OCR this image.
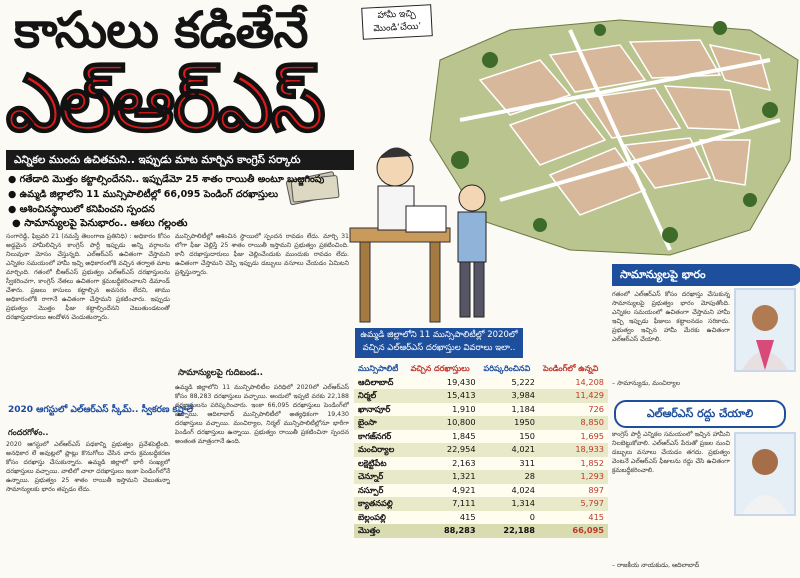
కాసులు కడితేనే
ఎల్ఆర్ఎస్
హామీ ఇచ్చి మొండి‘చేయి’
ఎన్నికల ముందు ఉచితమని.. ఇప్పుడు మాట మార్చిన కాంగ్రెస్ సర్కారు
● గతేడాది మొత్తం కట్టాల్సిందేనని.. ఇప్పుడేమో 25 శాతం రాయితీ అంటూ బుజ్జగింపు
● ఉమ్మడి జిల్లాలోని 11 మున్సిపాలిటీల్లో 66,095 పెండింగ్ దరఖాస్తులు
● ఆశించినస్థాయిలో కనిపించని స్పందన
● సామాన్యులపై పెనుభారం.. ఆశలు గల్లంతు
సంగారెడ్డి, ఫిబ్రవరి 21 (నమస్తే తెలంగాణ ప్రతినిధి) : అధికారం కోసం అడ్డమైన హామీలిచ్చిన కాంగ్రెస్ పార్టీ ఇప్పుడు అన్ని వర్గాలను నిలువునా మోసం చేస్తున్నది. ఎల్ఆర్ఎస్ ఉచితంగా చేస్తామని ఎన్నికల సమయంలో హామీ ఇచ్చి అధికారంలోకి వచ్చిన తర్వాత మాట మార్చింది. గతంలో బీఆర్ఎస్ ప్రభుత్వం ఎల్ఆర్ఎస్ దరఖాస్తులను స్వీకరించగా, కాంగ్రెస్ నేతలు ఉచితంగా క్రమబద్ధీకరించాలని డిమాండ్ చేశారు. ప్రజలు కాసులు కట్టాల్సిన అవసరం లేదని, తాము అధికారంలోకి రాగానే ఉచితంగా చేస్తామని ప్రకటించారు. ఇప్పుడు ప్రభుత్వం మొత్తం ఫీజు కట్టాల్సిందేనని చెబుతుండటంతో దరఖాస్తుదారులు ఆందోళన చెందుతున్నారు.
2020 ఆగస్టులో ఎల్ఆర్ఎస్ స్కీమ్.. స్వీకరణ కష్టాలే
గందరగోళం..
2020 ఆగస్టులో ఎల్ఆర్ఎస్ పథకాన్ని ప్రభుత్వం ప్రవేశపెట్టింది. అనధికార లే అవుట్లలో ప్లాట్లు కొనుగోలు చేసిన వారు క్రమబద్ధీకరణ కోసం దరఖాస్తు చేసుకున్నారు. ఉమ్మడి జిల్లాలో భారీ సంఖ్యలో దరఖాస్తులు వచ్చాయి. వాటిలో చాలా దరఖాస్తులు ఇంకా పెండింగ్‌లోనే ఉన్నాయి. ప్రభుత్వం 25 శాతం రాయితీ ఇస్తామని చెబుతున్నా సామాన్యులకు భారం తప్పడం లేదు.
మున్సిపాలిటీల్లో ఆశించిన స్థాయిలో స్పందన రావడం లేదు. మార్చి 31 లోగా ఫీజు చెల్లిస్తే 25 శాతం రాయితీ ఇస్తామని ప్రభుత్వం ప్రకటించింది. కానీ దరఖాస్తుదారులు ఫీజు చెల్లించేందుకు ముందుకు రావడం లేదు. ఉచితంగా చేస్తామని చెప్పి ఇప్పుడు డబ్బులు వసూలు చేయడం ఏమిటని ప్రశ్నిస్తున్నారు.
సామాన్యులపై గుదిబండ..
ఉమ్మడి జిల్లాలోని 11 మున్సిపాలిటీల పరిధిలో 2020లో ఎల్ఆర్ఎస్ కోసం 88,283 దరఖాస్తులు వచ్చాయి. అందులో ఇప్పటి వరకు 22,188 దరఖాస్తులను పరిష్కరించారు. ఇంకా 66,095 దరఖాస్తులు పెండింగ్‌లో ఉన్నాయి. ఆదిలాబాద్ మున్సిపాలిటీలో అత్యధికంగా 19,430 దరఖాస్తులు వచ్చాయి. మంచిర్యాల, నిర్మల్ మున్సిపాలిటీల్లోనూ భారీగా పెండింగ్ దరఖాస్తులు ఉన్నాయి. ప్రభుత్వం రాయితీ ప్రకటించినా స్పందన అంతంత మాత్రంగానే ఉంది.
ఉమ్మడి జిల్లాలోని 11 మున్సిపాలిటీల్లో 2020లో వచ్చిన ఎల్ఆర్ఎస్ దరఖాస్తుల వివరాలు ఇలా..
మున్సిపాలిటీ	వచ్చిన దరఖాస్తులు	పరిష్కరించినవి	పెండింగ్‌లో ఉన్నవి
ఆదిలాబాద్	19,430	5,222	14,208
నిర్మల్	15,413	3,984	11,429
ఖానాపూర్	1,910	1,184	726
బైంసా	10,800	1950	8,850
కాగజ్‌నగర్	1,845	150	1,695
మంచిర్యాల	22,954	4,021	18,933
లక్షెట్టిపేట	2,163	311	1,852
చెన్నూర్	1,321	28	1,293
నస్పూర్	4,921	4,024	897
క్యాతనపల్లి	7,111	1,314	5,797
బెల్లంపల్లి	415	0	415
మొత్తం	88,283	22,188	66,095
సామాన్యులపై భారం
గతంలో ఎల్ఆర్ఎస్ కోసం దరఖాస్తు చేసుకున్న సామాన్యులపై ప్రభుత్వం భారం మోపుతోంది. ఎన్నికల సమయంలో ఉచితంగా చేస్తామని హామీ ఇచ్చి ఇప్పుడు ఫీజులు కట్టాలనడం సరికాదు. ప్రభుత్వం ఇచ్చిన హామీ మేరకు ఉచితంగా ఎల్ఆర్ఎస్ చేయాలి.
– సామాన్యుడు, మంచిర్యాల
ఎల్ఆర్ఎస్ రద్దు చేయాలి
కాంగ్రెస్ పార్టీ ఎన్నికల సమయంలో ఇచ్చిన హామీని నిలబెట్టుకోవాలి. ఎల్ఆర్ఎస్ పేరుతో ప్రజల నుంచి డబ్బులు వసూలు చేయడం తగదు. ప్రభుత్వం వెంటనే ఎల్ఆర్ఎస్ ఫీజులను రద్దు చేసి ఉచితంగా క్రమబద్ధీకరించాలి.
– రాజకీయ నాయకుడు, ఆదిలాబాద్
